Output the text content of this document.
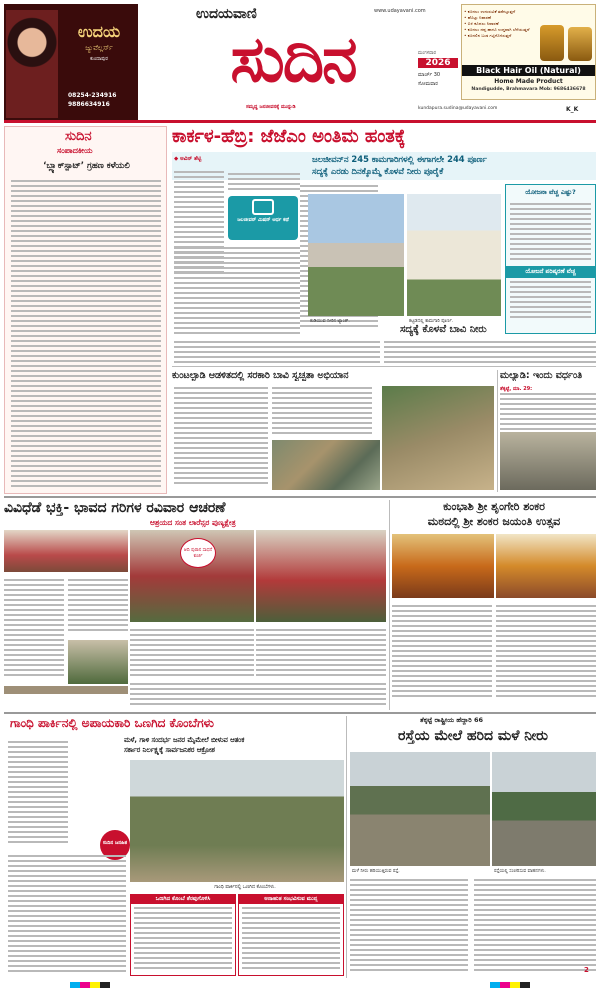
ಉದಯ
ಜ್ಯುವೆಲ್ಲರ್ಸ್
ಕುಂದಾಪುರ
08254-234916
9886634916
ಉದಯವಾಣಿ	www.udayavani.com
ಸುದಿನ
ಸಮೃದ್ಧ ಜನಜೀವನಕ್ಕೆ ಮುನ್ನುಡಿ
ಮಂಗಳವಾರ
2026
ಮಾರ್ಚ್ 30
ಸೋಮವಾರ
kundapura.sudina@udayavani.com	K_K
• ಕೂದಲು ಉದುರುವಿಕೆ ತಡೆಗಟ್ಟುತ್ತದೆ
• ಹೊಟ್ಟು ನಿವಾರಣೆ
• ಬಿಳಿ ಕೂದಲು ನಿವಾರಣೆ
• ಕೂದಲು ದಪ್ಪ ಹಾಗೂ ಉದ್ದವಾಗಿ ಬೆಳೆಯುತ್ತದೆ
• ಕೂದಲಿನ ಬುಡ ಗಟ್ಟಿಗೊಳಿಸುತ್ತದೆ
Black Hair Oil (Natural)
Home Made Product
Nandigudde, Brahmavara Mob: 9686436678
ಸುದಿನ
ಸಂಪಾದಕೀಯ
‘ಬ್ಲ್ಯಾಕ್‌ಸ್ಪಾಟ್’ ಗ್ರಹಣ ಕಳೆಯಲಿ
ಕಾರ್ಕಳ-ಹೆಬ್ರಿ: ಜೆಜೆಎಂ ಅಂತಿಮ ಹಂತಕ್ಕೆ
ಜಲಜೀವನ್‌ನ 245 ಕಾಮಗಾರಿಗಳಲ್ಲಿ ಈಗಾಗಲೇ 244 ಪೂರ್ಣ
ಸದ್ಯಕ್ಕೆ ಎರಡು ದಿನಕ್ಕೊಮ್ಮೆ ಕೊಳವೆ ನೀರು ಪೂರೈಕೆ
◆ ಅವಿನ್ ಶೆಟ್ಟಿ
ಜಲಜೀವನ್ ಮಿಷನ್ ಅರ್ಧ ಕಥೆ
ಕುಡಿಯುವ ನೀರಿನ ಟ್ಯಾಂಕ್.	ಕಟ್ಟಡದಲ್ಲಿ ಕಾಮಗಾರಿ ಪೂರ್ಣ.
ಯೋಜನಾ ವೆಚ್ಚ ಎಷ್ಟು?
ಯೋಜನೆ ಪರಿಷ್ಕರಣೆ ವೆಚ್ಚ
ಸದ್ಯಕ್ಕೆ ಕೊಳವೆ ಬಾವಿ ನೀರು
ಕುಂಟಲ್ಪಾಡಿ ಆಡಳಿತದಲ್ಲಿ ಸರಕಾರಿ ಬಾವಿ ಸ್ವಚ್ಛತಾ ಅಭಿಯಾನ	ಮಲ್ಯಾಡಿ: ಇಂದು ವರ್ಧಂತಿ
ತೆಕ್ಕಟ್ಟೆ, ಮಾ. 29:
ವಿವಿಧೆಡೆ ಭಕ್ತಿ- ಭಾವದ ಗರಿಗಳ ರವಿವಾರ ಆಚರಣೆ
ಆಶ್ರಯದ ಸಂತ ಲಾರೆನ್ಸರ ಪುಣ್ಯಕ್ಷೇತ್ರ
ಆದಿ ಪುರಾನ ಸಾಧನೆ ಕುರ್ಚಿ
ಕುಂಭಾಶಿ ಶ್ರೀ ಶೃಂಗೇರಿ ಶಂಕರ
ಮಠದಲ್ಲಿ ಶ್ರೀ ಶಂಕರ ಜಯಂತಿ ಉತ್ಸವ
ಗಾಂಧಿ ಪಾರ್ಕಿನಲ್ಲಿ ಅಪಾಯಕಾರಿ ಒಣಗಿದ ಕೊಂಬೆಗಳು
ಮಳೆ, ಗಾಳಿ ಸಂದರ್ಭ ಜನರ ಮೈಮೇಲೆ ಬೀಳುವ ಆತಂಕ
ಸರ್ಕಾರ ನಿರ್ಲಕ್ಷ್ಯಕ್ಕೆ ಸಾರ್ವಜನಿಕರ ಆಕ್ರೋಶ
ಸುದಿನ ಜನಹಿತ
ಗಾಂಧಿ ಪಾರ್ಕಿನಲ್ಲಿ ಒಣಗಿದ ಕೊಂಬೆಗಳು.
ಒಣಗಿದ ಕೊಂಬೆ ತೆರವುಗೊಳಿಸಿ	ಅನಾಹುತ ಸಂಭವಿಸುವ ಮುನ್ನ
ತೆಕ್ಕಟ್ಟೆ ರಾಷ್ಟ್ರೀಯ ಹೆದ್ದಾರಿ 66
ರಸ್ತೆಯ ಮೇಲೆ ಹರಿದ ಮಳೆ ನೀರು
ಮಳೆ ನೀರು ಹರಿಯುತ್ತಿರುವ ರಸ್ತೆ.	ರಸ್ತೆಯಲ್ಲಿ ಸಂಚರಿಸುವ ವಾಹನಗಳು.
2
